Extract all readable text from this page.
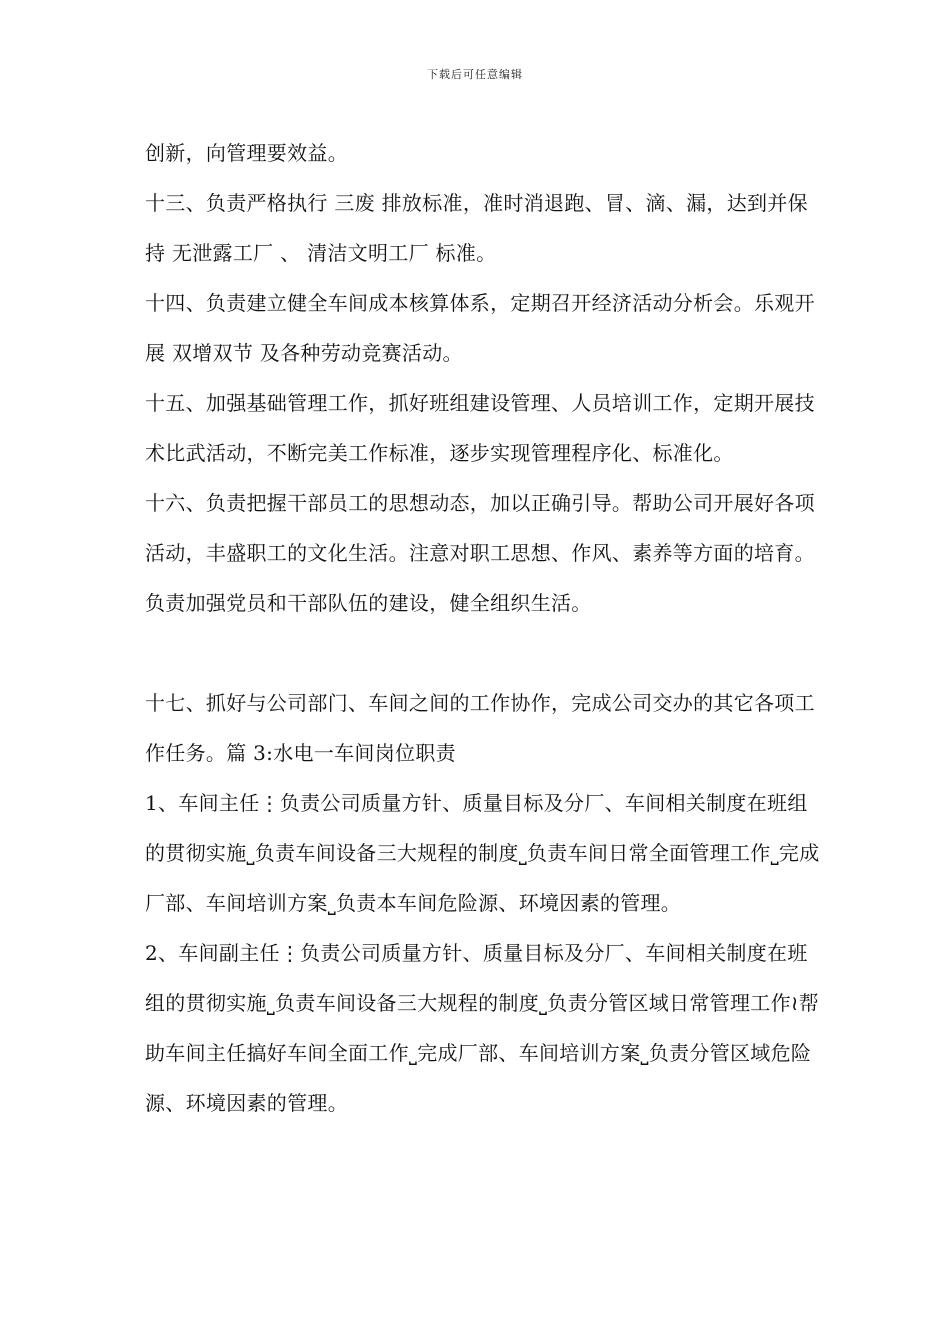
下载后可任意编辑

创新，向管理要效益。

十三、负责严格执行 三废 排放标准，准时消退跑、冒、滴、漏，达到并保持 无泄露工厂 、 清洁文明工厂 标准。

十四、负责建立健全车间成本核算体系，定期召开经济活动分析会。乐观开展 双增双节 及各种劳动竞赛活动。

十五、加强基础管理工作，抓好班组建设管理、人员培训工作，定期开展技术比武活动，不断完美工作标准，逐步实现管理程序化、标准化。

十六、负责把握干部员工的思想动态，加以正确引导。帮助公司开展好各项活动，丰盛职工的文化生活。注意对职工思想、作风、素养等方面的培育。负责加强党员和干部队伍的建设，健全组织生活。

十七、抓好与公司部门、车间之间的工作协作，完成公司交办的其它各项工作任务。篇 3:水电一车间岗位职责

1、车间主任⋮负责公司质量方针、质量目标及分厂、车间相关制度在班组的贯彻实施⎵负责车间设备三大规程的制度⎵负责车间日常全面管理工作⎵完成厂部、车间培训方案⎵负责本车间危险源、环境因素的管理。

2、车间副主任⋮负责公司质量方针、质量目标及分厂、车间相关制度在班组的贯彻实施⎵负责车间设备三大规程的制度⎵负责分管区域日常管理工作≀帮助车间主任搞好车间全面工作⎵完成厂部、车间培训方案⎵负责分管区域危险源、环境因素的管理。
